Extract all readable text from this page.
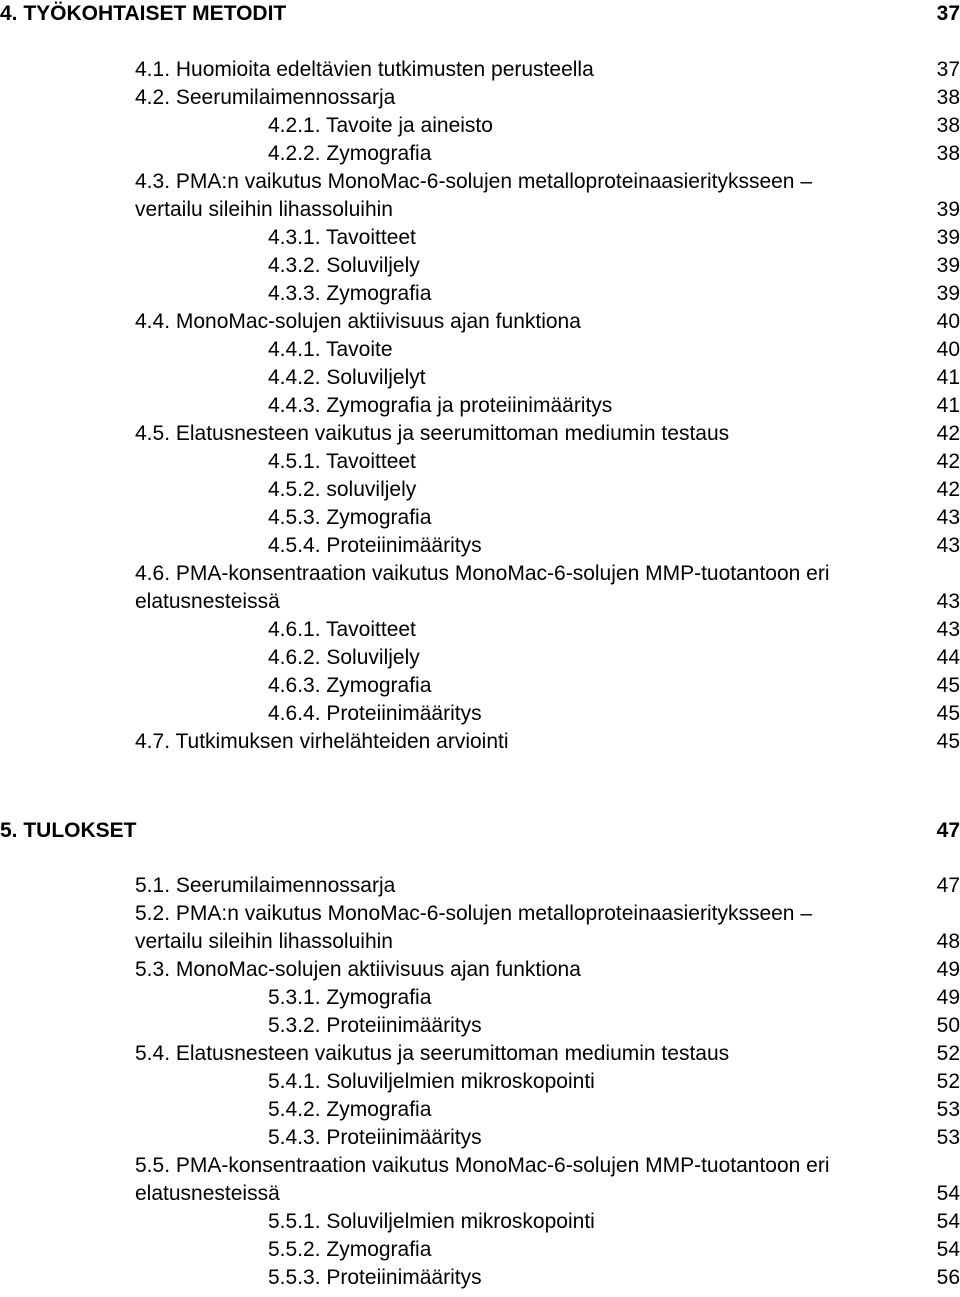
4. TYÖKOHTAISET METODIT	37
4.1. Huomioita edeltävien tutkimusten perusteella	37
4.2. Seerumilaimennossarja	38
4.2.1. Tavoite ja aineisto	38
4.2.2. Zymografia	38
4.3. PMA:n vaikutus MonoMac-6-solujen metalloproteinaasierityksseen –
vertailu sileihin lihassoluihin	39
4.3.1. Tavoitteet	39
4.3.2. Soluviljely	39
4.3.3. Zymografia	39
4.4. MonoMac-solujen aktiivisuus ajan funktiona	40
4.4.1. Tavoite	40
4.4.2. Soluviljelyt	41
4.4.3. Zymografia ja proteiinimääritys	41
4.5. Elatusnesteen vaikutus ja seerumittoman mediumin testaus	42
4.5.1. Tavoitteet	42
4.5.2. soluviljely	42
4.5.3. Zymografia	43
4.5.4. Proteiinimääritys	43
4.6. PMA-konsentraation vaikutus MonoMac-6-solujen MMP-tuotantoon eri
elatusnesteissä	43
4.6.1. Tavoitteet	43
4.6.2. Soluviljely	44
4.6.3. Zymografia	45
4.6.4. Proteiinimääritys	45
4.7. Tutkimuksen virhelähteiden arviointi	45
5. TULOKSET	47
5.1. Seerumilaimennossarja	47
5.2. PMA:n vaikutus MonoMac-6-solujen metalloproteinaasierityksseen –
vertailu sileihin lihassoluihin	48
5.3. MonoMac-solujen aktiivisuus ajan funktiona	49
5.3.1. Zymografia	49
5.3.2. Proteiinimääritys	50
5.4. Elatusnesteen vaikutus ja seerumittoman mediumin testaus	52
5.4.1. Soluviljelmien mikroskopointi	52
5.4.2. Zymografia	53
5.4.3. Proteiinimääritys	53
5.5. PMA-konsentraation vaikutus MonoMac-6-solujen MMP-tuotantoon eri
elatusnesteissä	54
5.5.1. Soluviljelmien mikroskopointi	54
5.5.2. Zymografia	54
5.5.3. Proteiinimääritys	56
